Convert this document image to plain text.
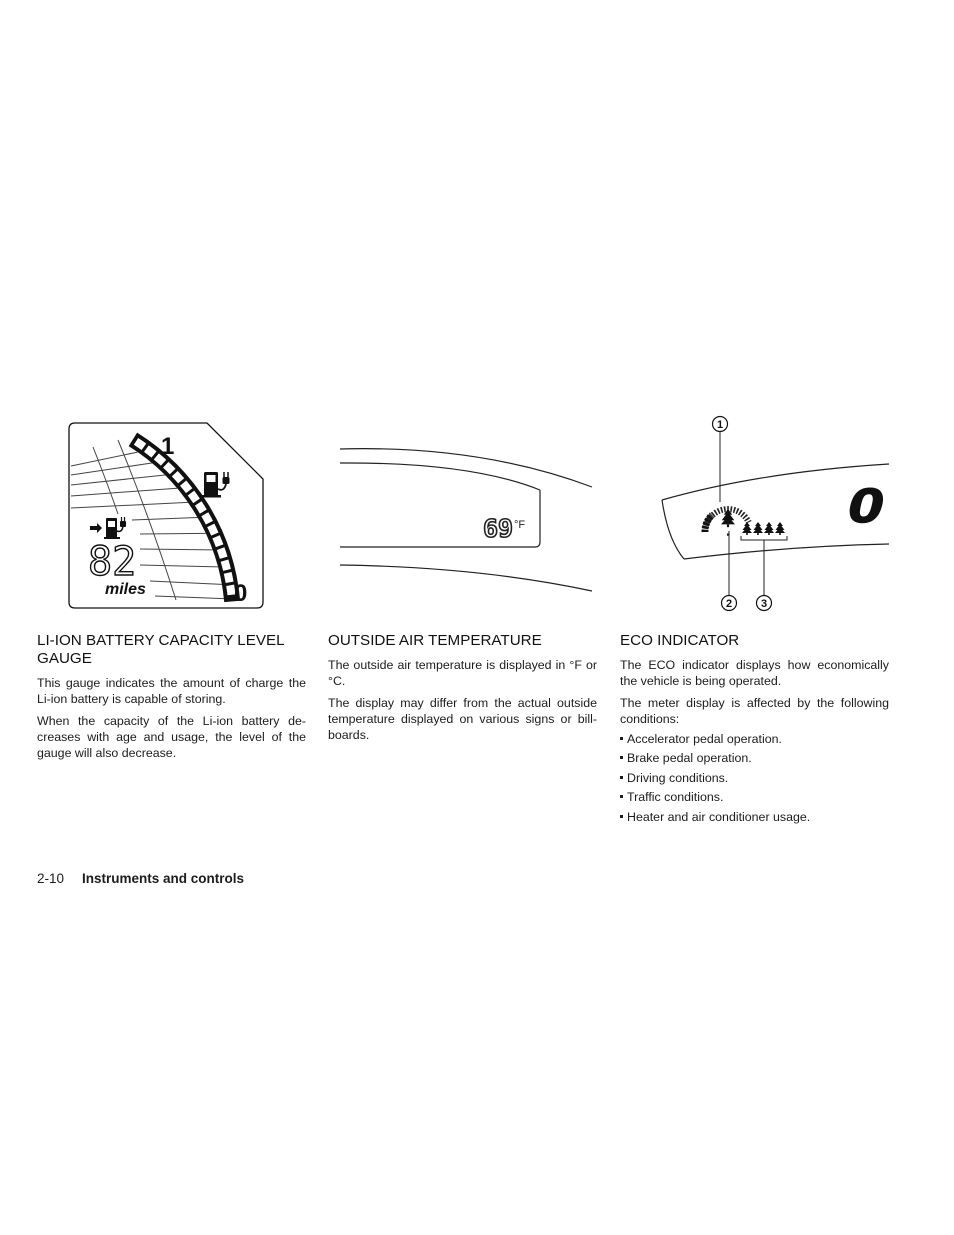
1
0
82
miles
69 °F	0
1
2	3
LI-ION BATTERY CAPACITY LEVEL GAUGE
This gauge indicates the amount of charge the
Li-ion battery is capable of storing.
When the capacity of the Li-ion battery de-
creases with age and usage, the level of the
gauge will also decrease.
OUTSIDE AIR TEMPERATURE
The outside air temperature is displayed in °F or
°C.
The display may differ from the actual outside
temperature displayed on various signs or bill-
boards.
ECO INDICATOR
The ECO indicator displays how economically
the vehicle is being operated.
The meter display is affected by the following
conditions:
Accelerator pedal operation.
Brake pedal operation.
Driving conditions.
Traffic conditions.
Heater and air conditioner usage.
2-10 Instruments and controls
